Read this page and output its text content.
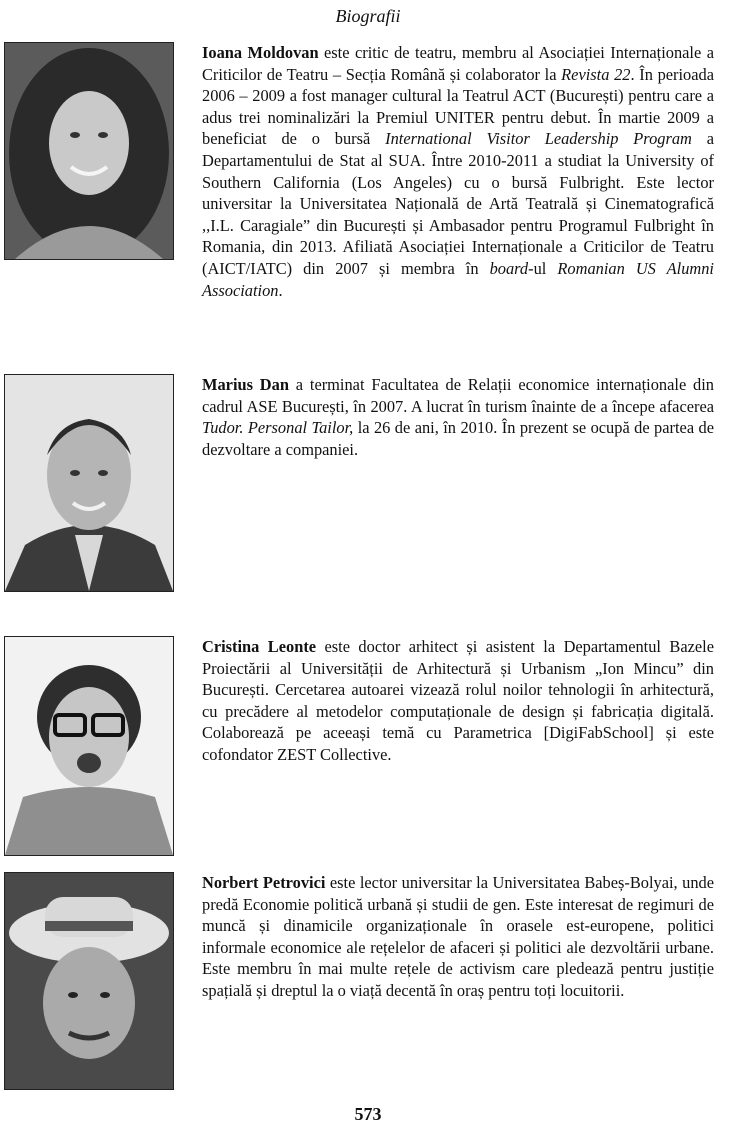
Biografii

Ioana Moldovan este critic de teatru, membru al Asociației Internaționale a Criticilor de Teatru – Secția Română și colaborator la Revista 22. În perioada 2006 – 2009 a fost manager cultural la Teatrul ACT (București) pentru care a adus trei nominalizări la Premiul UNITER pentru debut. În martie 2009 a beneficiat de o bursă International Visitor Leadership Program a Departamentului de Stat al SUA. Între 2010-2011 a studiat la University of Southern California (Los Angeles) cu o bursă Fulbright. Este lector universitar la Universitatea Națională de Artă Teatrală și Cinematografică ,,I.L. Caragiale” din București și Ambasador pentru Programul Fulbright în Romania, din 2013. Afiliată Asociației Internaționale a Criticilor de Teatru (AICT/IATC) din 2007 și membra în board-ul Romanian US Alumni Association.

Marius Dan a terminat Facultatea de Relații economice internaționale din cadrul ASE București, în 2007. A lucrat în turism înainte de a începe afacerea Tudor. Personal Tailor, la 26 de ani, în 2010. În prezent se ocupă de partea de dezvoltare a companiei.

Cristina Leonte este doctor arhitect și asistent la Departamentul Bazele Proiectării al Universității de Arhitectură și Urbanism „Ion Mincu” din București. Cercetarea autoarei vizează rolul noilor tehnologii în arhitectură, cu precădere al metodelor computaționale de design și fabricația digitală. Colaborează pe aceeași temă cu Parametrica [DigiFabSchool] și este cofondator ZEST Collective.

Norbert Petrovici este lector universitar la Universitatea Babeș-Bolyai, unde predă Economie politică urbană și studii de gen. Este interesat de regimuri de muncă și dinamicile organizaționale în orasele est-europene, politici informale economice ale rețelelor de afaceri și politici ale dezvoltării urbane. Este membru în mai multe rețele de activism care pledează pentru justiție spațială și dreptul la o viață decentă în oraș pentru toți locuitorii.

573
